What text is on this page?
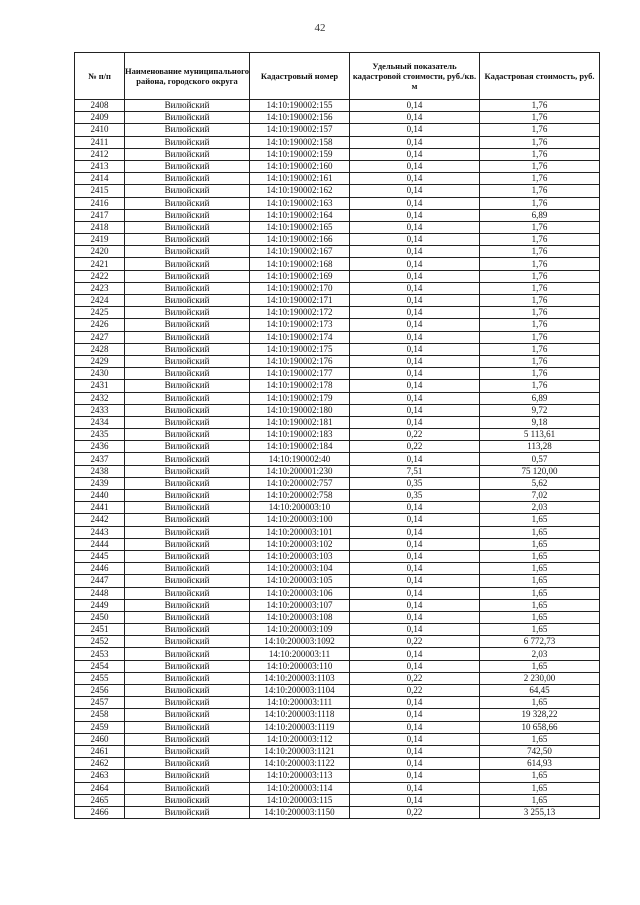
42
№ п/п	Наименование муниципального района, городского округа	Кадастровый номер	Удельный показатель кадастровой стоимости, руб./кв. м	Кадастровая стоимость, руб.
2408	Вилюйский	14:10:190002:155	0,14	1,76
2409	Вилюйский	14:10:190002:156	0,14	1,76
2410	Вилюйский	14:10:190002:157	0,14	1,76
2411	Вилюйский	14:10:190002:158	0,14	1,76
2412	Вилюйский	14:10:190002:159	0,14	1,76
2413	Вилюйский	14:10:190002:160	0,14	1,76
2414	Вилюйский	14:10:190002:161	0,14	1,76
2415	Вилюйский	14:10:190002:162	0,14	1,76
2416	Вилюйский	14:10:190002:163	0,14	1,76
2417	Вилюйский	14:10:190002:164	0,14	6,89
2418	Вилюйский	14:10:190002:165	0,14	1,76
2419	Вилюйский	14:10:190002:166	0,14	1,76
2420	Вилюйский	14:10:190002:167	0,14	1,76
2421	Вилюйский	14:10:190002:168	0,14	1,76
2422	Вилюйский	14:10:190002:169	0,14	1,76
2423	Вилюйский	14:10:190002:170	0,14	1,76
2424	Вилюйский	14:10:190002:171	0,14	1,76
2425	Вилюйский	14:10:190002:172	0,14	1,76
2426	Вилюйский	14:10:190002:173	0,14	1,76
2427	Вилюйский	14:10:190002:174	0,14	1,76
2428	Вилюйский	14:10:190002:175	0,14	1,76
2429	Вилюйский	14:10:190002:176	0,14	1,76
2430	Вилюйский	14:10:190002:177	0,14	1,76
2431	Вилюйский	14:10:190002:178	0,14	1,76
2432	Вилюйский	14:10:190002:179	0,14	6,89
2433	Вилюйский	14:10:190002:180	0,14	9,72
2434	Вилюйский	14:10:190002:181	0,14	9,18
2435	Вилюйский	14:10:190002:183	0,22	5 113,61
2436	Вилюйский	14:10:190002:184	0,22	113,28
2437	Вилюйский	14:10:190002:40	0,14	0,57
2438	Вилюйский	14:10:200001:230	7,51	75 120,00
2439	Вилюйский	14:10:200002:757	0,35	5,62
2440	Вилюйский	14:10:200002:758	0,35	7,02
2441	Вилюйский	14:10:200003:10	0,14	2,03
2442	Вилюйский	14:10:200003:100	0,14	1,65
2443	Вилюйский	14:10:200003:101	0,14	1,65
2444	Вилюйский	14:10:200003:102	0,14	1,65
2445	Вилюйский	14:10:200003:103	0,14	1,65
2446	Вилюйский	14:10:200003:104	0,14	1,65
2447	Вилюйский	14:10:200003:105	0,14	1,65
2448	Вилюйский	14:10:200003:106	0,14	1,65
2449	Вилюйский	14:10:200003:107	0,14	1,65
2450	Вилюйский	14:10:200003:108	0,14	1,65
2451	Вилюйский	14:10:200003:109	0,14	1,65
2452	Вилюйский	14:10:200003:1092	0,22	6 772,73
2453	Вилюйский	14:10:200003:11	0,14	2,03
2454	Вилюйский	14:10:200003:110	0,14	1,65
2455	Вилюйский	14:10:200003:1103	0,22	2 230,00
2456	Вилюйский	14:10:200003:1104	0,22	64,45
2457	Вилюйский	14:10:200003:111	0,14	1,65
2458	Вилюйский	14:10:200003:1118	0,14	19 328,22
2459	Вилюйский	14:10:200003:1119	0,14	10 658,66
2460	Вилюйский	14:10:200003:112	0,14	1,65
2461	Вилюйский	14:10:200003:1121	0,14	742,50
2462	Вилюйский	14:10:200003:1122	0,14	614,93
2463	Вилюйский	14:10:200003:113	0,14	1,65
2464	Вилюйский	14:10:200003:114	0,14	1,65
2465	Вилюйский	14:10:200003:115	0,14	1,65
2466	Вилюйский	14:10:200003:1150	0,22	3 255,13
